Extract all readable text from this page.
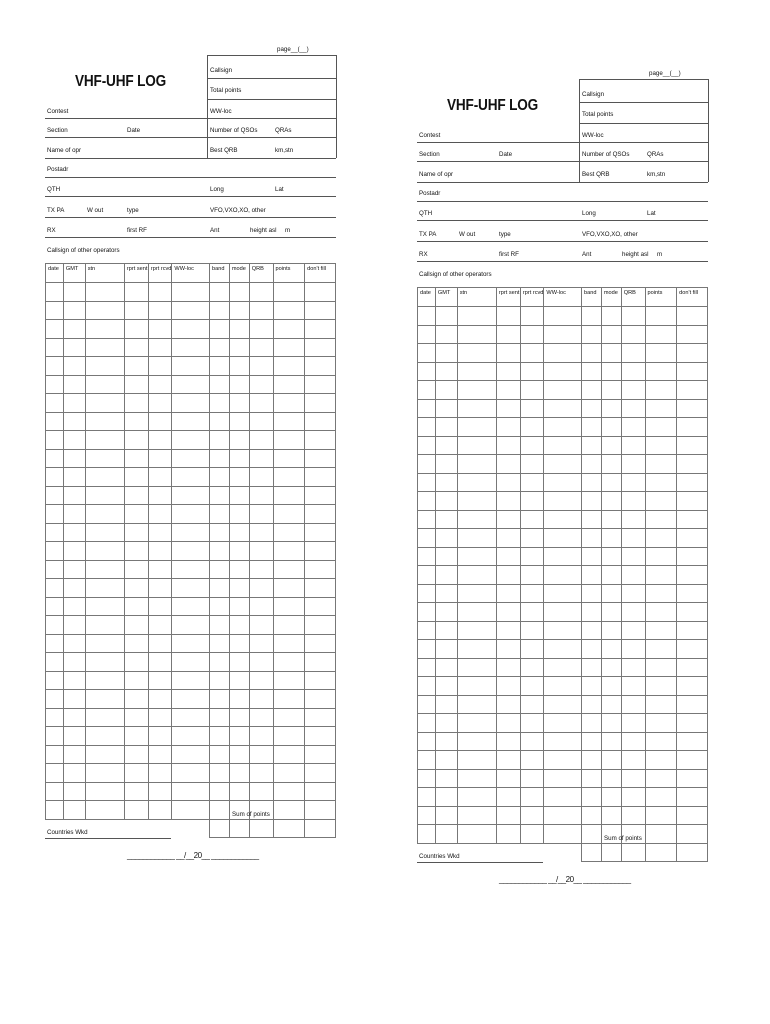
page__(__)
VHF-UHF LOG
Callsign
Total points
Contest	WW-loc
Section	Date	Number of QSOs	QRAs
Name of opr	Best QRB	km,stn
Postadr
QTH	Long	Lat
TX PA	W out	type	VFO,VXO,XO, other
RX	first RF	Ant	height asl m
Callsign of other operators
date	GMT	stn	rprt sent	rprt rcvd	WW-loc	band	mode	QRB	points	don't fill

Sum of points
Countries Wkd
____________ __/__20__ ____________
page__(__)
VHF-UHF LOG
Callsign
Total points
Contest	WW-loc
Section	Date	Number of QSOs	QRAs
Name of opr	Best QRB	km,stn
Postadr
QTH	Long	Lat
TX PA	W out	type	VFO,VXO,XO, other
RX	first RF	Ant	height asl m
Callsign of other operators
date	GMT	stn	rprt sent	rprt rcvd	WW-loc	band	mode	QRB	points	don't fill

Sum of points
Countries Wkd
____________ __/__20__ ____________
